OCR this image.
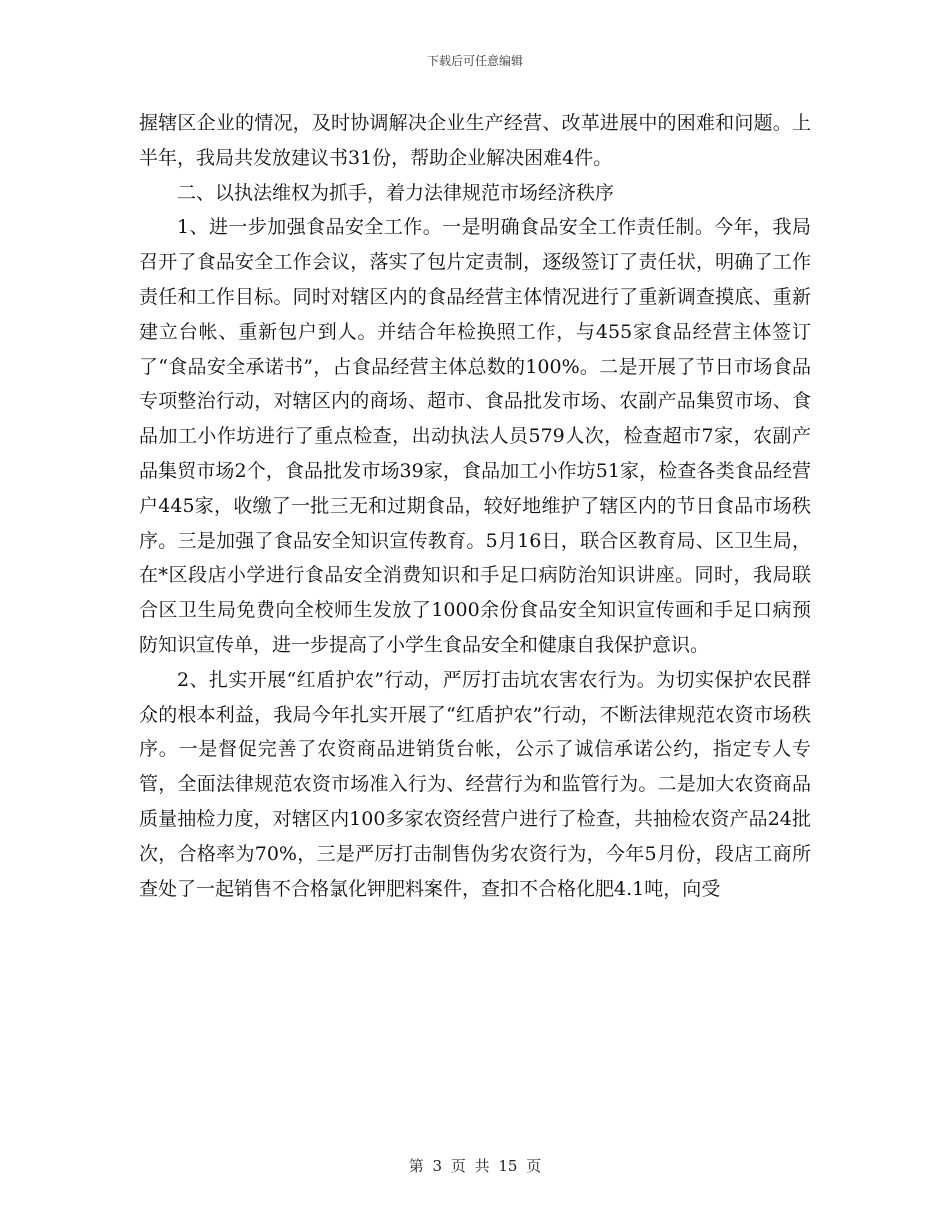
下载后可任意编辑

握辖区企业的情况，及时协调解决企业生产经营、改革进展中的困难和问题。上半年，我局共发放建议书31份，帮助企业解决困难4件。

二、以执法维权为抓手，着力法律规范市场经济秩序

1、进一步加强食品安全工作。一是明确食品安全工作责任制。今年，我局召开了食品安全工作会议，落实了包片定责制，逐级签订了责任状，明确了工作责任和工作目标。同时对辖区内的食品经营主体情况进行了重新调查摸底、重新建立台帐、重新包户到人。并结合年检换照工作，与455家食品经营主体签订了“食品安全承诺书”，占食品经营主体总数的100%。二是开展了节日市场食品专项整治行动，对辖区内的商场、超市、食品批发市场、农副产品集贸市场、食品加工小作坊进行了重点检查，出动执法人员579人次，检查超市7家，农副产品集贸市场2个，食品批发市场39家，食品加工小作坊51家，检查各类食品经营户445家，收缴了一批三无和过期食品，较好地维护了辖区内的节日食品市场秩序。三是加强了食品安全知识宣传教育。5月16日，联合区教育局、区卫生局，在*区段店小学进行食品安全消费知识和手足口病防治知识讲座。同时，我局联合区卫生局免费向全校师生发放了1000余份食品安全知识宣传画和手足口病预防知识宣传单，进一步提高了小学生食品安全和健康自我保护意识。

2、扎实开展“红盾护农”行动，严厉打击坑农害农行为。为切实保护农民群众的根本利益，我局今年扎实开展了“红盾护农”行动，不断法律规范农资市场秩序。一是督促完善了农资商品进销货台帐，公示了诚信承诺公约，指定专人专管，全面法律规范农资市场准入行为、经营行为和监管行为。二是加大农资商品质量抽检力度，对辖区内100多家农资经营户进行了检查，共抽检农资产品24批次，合格率为70%，三是严厉打击制售伪劣农资行为，今年5月份，段店工商所查处了一起销售不合格氯化钾肥料案件，查扣不合格化肥4.1吨，向受

第 3 页 共 15 页
